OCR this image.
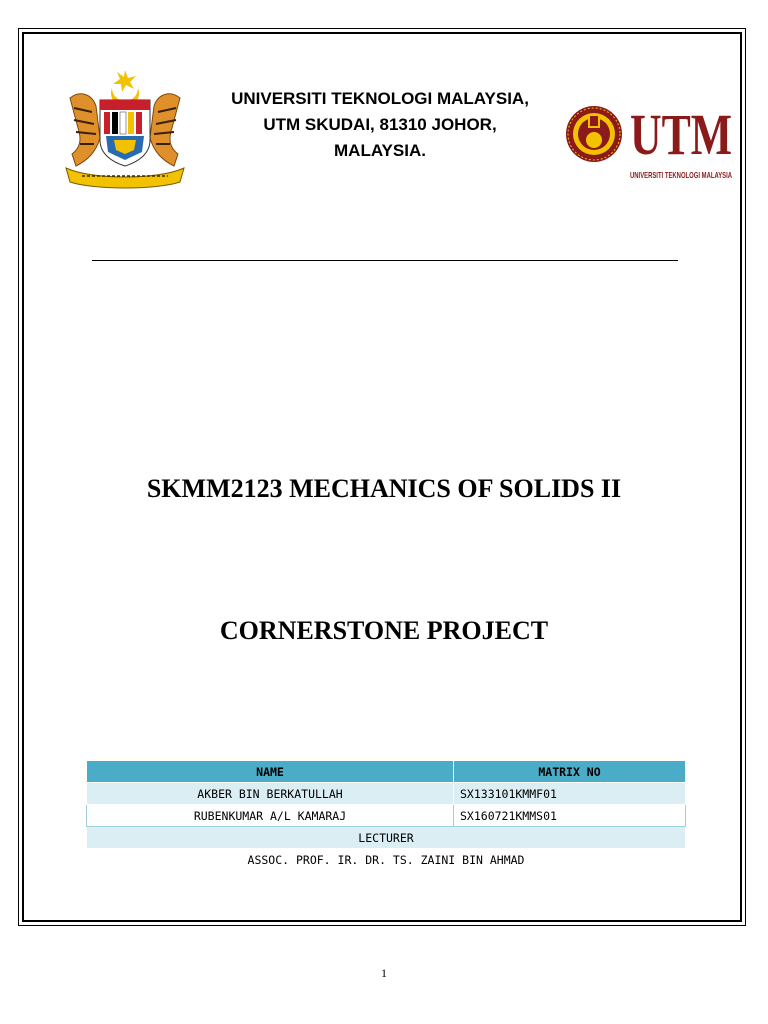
UNIVERSITI TEKNOLOGI MALAYSIA,
UTM SKUDAI, 81310 JOHOR,
MALAYSIA.	UTM
UNIVERSITI TEKNOLOGI MALAYSIA
SKMM2123 MECHANICS OF SOLIDS II
CORNERSTONE PROJECT
NAME	MATRIX NO
AKBER BIN BERKATULLAH	SX133101KMMF01
RUBENKUMAR A/L KAMARAJ	SX160721KMMS01
LECTURER	
ASSOC. PROF. IR. DR. TS. ZAINI BIN AHMAD	
1
